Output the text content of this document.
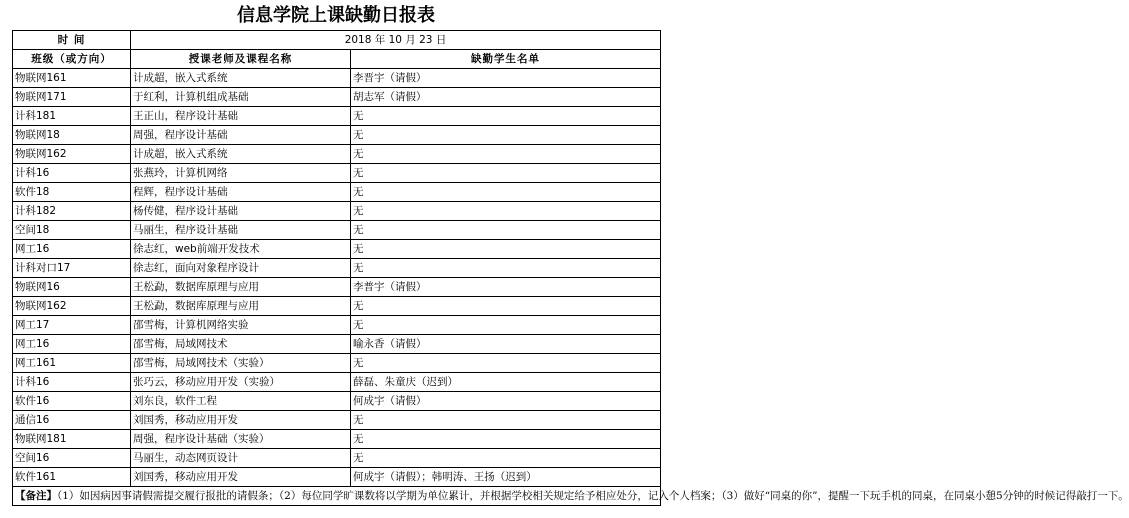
信息学院上课缺勤日报表
时 间	2018 年 10 月 23 日	
班级（或方向）	授课老师及课程名称	缺勤学生名单
物联网161	计成超，嵌入式系统	李晋宇（请假）
物联网171	于红利，计算机组成基础	胡志军（请假）
计科181	王正山，程序设计基础	无
物联网18	周强，程序设计基础	无
物联网162	计成超，嵌入式系统	无
计科16	张燕玲，计算机网络	无
软件18	程辉，程序设计基础	无
计科182	杨传健，程序设计基础	无
空间18	马丽生，程序设计基础	无
网工16	徐志红，web前端开发技术	无
计科对口17	徐志红，面向对象程序设计	无
物联网16	王松勐，数据库原理与应用	李普宇（请假）
物联网162	王松勐，数据库原理与应用	无
网工17	邵雪梅，计算机网络实验	无
网工16	邵雪梅，局域网技术	喻永香（请假）
网工161	邵雪梅，局域网技术（实验）	无
计科16	张巧云，移动应用开发（实验）	薛磊、朱童庆（迟到）
软件16	刘东良，软件工程	何成宇（请假）
通信16	刘国秀，移动应用开发	无
物联网181	周强，程序设计基础（实验）	无
空间16	马丽生，动态网页设计	无
软件161	刘国秀，移动应用开发	何成宇（请假）；韩明涛、王扬（迟到）
【备注】（1）如因病因事请假需提交履行报批的请假条；（2）每位同学旷课数将以学期为单位累计，并根据学校相关规定给予相应处分，记入个人档案；（3）做好“同桌的你”，提醒一下玩手机的同桌，在同桌小憩5分钟的时候记得敲打一下。		
